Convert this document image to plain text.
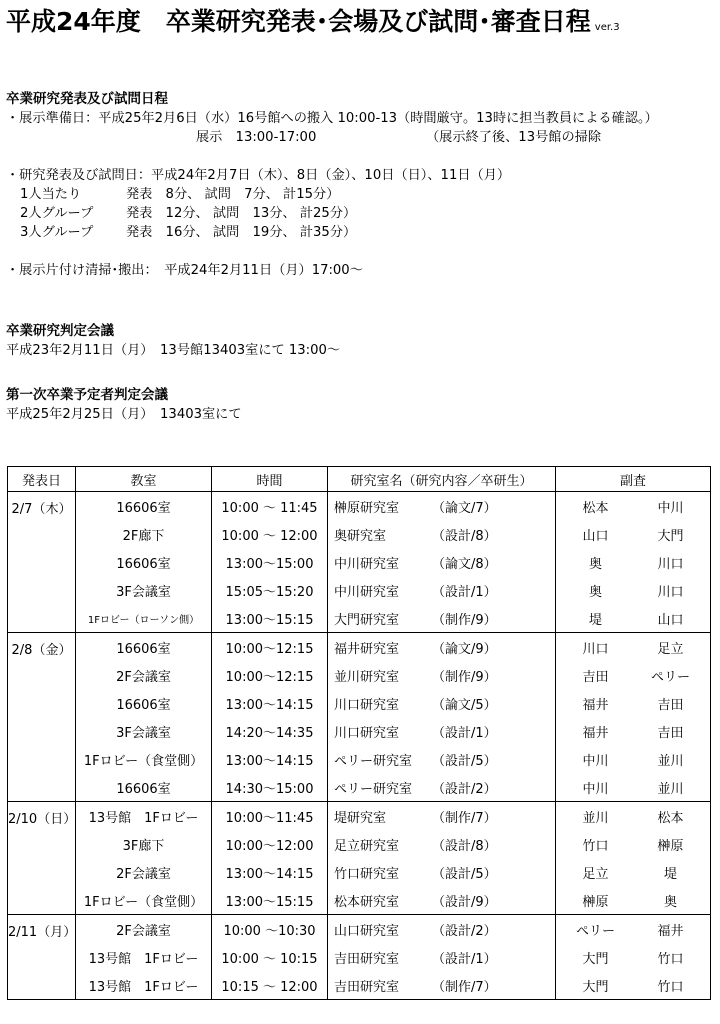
平成24年度　卒業研究発表･会場及び試問･審査日程 ver.3
卒業研究発表及び試問日程
・展示準備日：平成25年2月6日（水）16号館への搬入 10:00-13（時間厳守。13時に担当教員による確認。）
展示　13:00-17:00	（展示終了後、13号館の掃除
・研究発表及び試問日：平成24年2月7日（木）、8日（金）、10日（日）、11日（月）
1人当たり	発表　8分、 試問　7分、 計15分）
2人グループ 発表　12分、 試問　13分、 計25分）
3人グループ 発表　16分、 試問　19分、 計35分）
・展示片付け清掃･搬出：　平成24年2月11日（月）17:00～
卒業研究判定会議
平成23年2月11日（月）　13号館13403室にて 13:00～
第一次卒業予定者判定会議
平成25年2月25日（月）　13403室にて
発表日	教室	時間	研究室名（研究内容／卒研生）	副査
2/7（木）	16606室	10:00 ～ 11:45	榊原研究室 （論文/7）	松本 中川
	2F廊下	10:00 ～ 12:00	奥研究室 （設計/8）	山口 大門
	16606室	13:00～15:00	中川研究室 （論文/8）	奥 川口
	3F会議室	15:05～15:20	中川研究室 （設計/1）	奥 川口
	1Fロビー（ローソン側）	13:00～15:15	大門研究室 （制作/9）	堤 山口
2/8（金）	16606室	10:00～12:15	福井研究室 （論文/9）	川口 足立
	2F会議室	10:00～12:15	並川研究室 （制作/9）	吉田 ペリー
	16606室	13:00～14:15	川口研究室 （論文/5）	福井 吉田
	3F会議室	14:20～14:35	川口研究室 （設計/1）	福井 吉田
	1Fロビー（食堂側）	13:00～14:15	ペリー研究室 （設計/5）	中川 並川
	16606室	14:30～15:00	ペリー研究室 （設計/2）	中川 並川
2/10（日）	13号館　1Fロビー	10:00～11:45	堤研究室 （制作/7）	並川 松本
	3F廊下	10:00～12:00	足立研究室 （設計/8）	竹口 榊原
	2F会議室	13:00～14:15	竹口研究室 （設計/5）	足立 堤
	1Fロビー（食堂側）	13:00～15:15	松本研究室 （設計/9）	榊原 奥
2/11（月）	2F会議室	10:00 ～10:30	山口研究室 （設計/2）	ペリー 福井
	13号館　1Fロビー	10:00 ～ 10:15	吉田研究室 （設計/1）	大門 竹口
	13号館　1Fロビー	10:15 ～ 12:00	吉田研究室 （制作/7）	大門 竹口
